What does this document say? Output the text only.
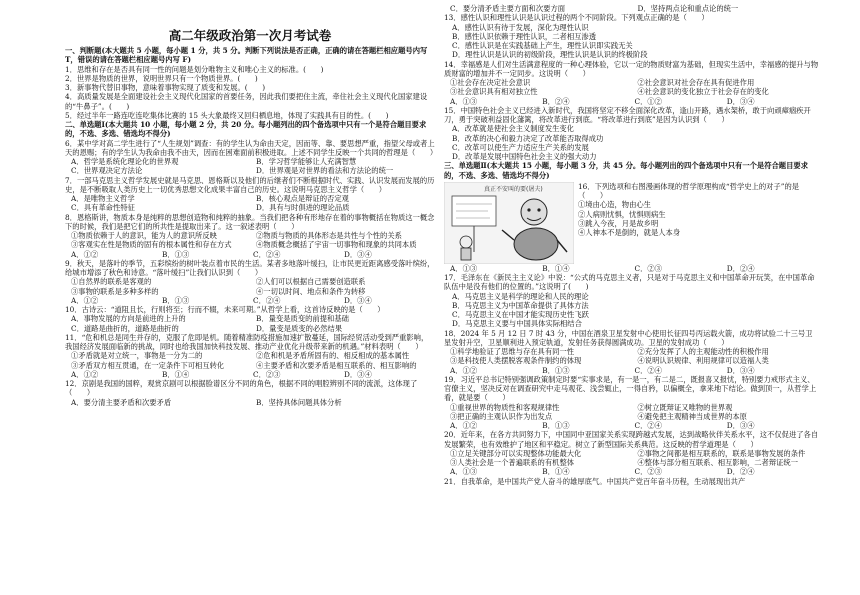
高二年级政治第一次月考试卷

一、判断题(本大题共 5 小题，每小题 1 分，共 5 分。判断下列说法是否正确，正确的请在答题栏相应题号内写 T，错误的请在答题栏相应题号内写 F)

1．思维和存在是否具有同一性的问题是划分唯物主义和唯心主义的标准。(　　)

2．世界是物质的世界，说明世界只有一个物质世界。(　　)

3．新事物代替旧事物，意味着事物实现了质变和发展。(　　)

4．高质量发展是全面建设社会主义现代化国家的首要任务，因此我们要把住主流，牵住社会主义现代化国家建设的“牛鼻子”。(　　)

5．经过半年一路连吃连吃集体比赛的 15 头大象最终又回归栖息地，体现了实践具有目的性。(　　)

二、单选题Ⅰ(本大题共 10 小题，每小题 2 分，共 20 分。每小题列出的四个备选项中只有一个是符合题目要求的，不选、多选、错选均不得分)

6．某中学对高二学生进行了“人生规划”调查：有的学生认为命由天定，因而等、靠、要思想严重，指望父母或者上天的恩赐；有的学生认为我命由我不由天，因而在困难面前积极进取。上述不同学生反映一个共同的哲理是（　　）

A．哲学是系统化理论化的世界观	B．学习哲学能够让人充满智慧
C．世界观决定方法论	D．世界观是对世界的看法和方法论的统一

7．一部马克思主义哲学发展史就是马克思、恩格斯以及他们的后继者们不断根据时代、实践、认识发展而发展的历史，是不断吸取人类历史上一切优秀思想文化成果丰富自己的历史。这说明马克思主义哲学（　　）

A．是唯物主义哲学	B．核心观点是辩证的否定观
C．具有革命性特征	D．具有与时俱进的理论品质

8．恩格斯讲，物质本身是纯粹的思想创造物和纯粹的抽象。当我们把各种有形地存在着的事物概括在物质这一概念下的时候，我们是把它们的所共性是提取出来了。这一叙述表明（　　）

①物质依赖于人的意识，能为人的意识所反映	②物质与物质的具体形态是共性与个性的关系
③客观实在性是物质的固有的根本属性和存在方式	④物质概念概括了宇宙一切事物和现象的共同本质
A．①②	B．①③	C．②④	D．③④

9．秋天，是落叶的季节，五彩缤纷的树叶装点着市民的生活。某者多地落叶缓扫，让市民更近距离感受落叶缤纷，给城市增添了秋色和诗意。“落叶缓扫”让我们认识到（　　）

①自然界的联系是客观的	②人们可以根据自己需要创造联系
③事物的联系是多种多样的	④一切以时间、地点和条件为转移
A．①②	B．①③	C．②④	D．③④

10．古诗云：“道阻且长，行则将至；行而不辍，未来可期。”从哲学上看，这首诗反映的是（　　）

A．事物发展的方向是前进的上升的	B．量变是质变的前提和基础
C．道路是曲折的，道路是曲折的	D．量变是质变的必然结果

11．“危和机总是同生并存的，克服了危即是机。随着精准防疫措施加速扩散蔓延，国际经贸活动受到严重影响，我国经济发展面临新的挑战，同时也给我国加快科技发展、推动产业优化升级带来新的机遇。”材料表明（　　）

①矛盾就是对立统一，事物是一分为二的	②危和机是矛盾所固有的、相反相成的基本属性
③矛盾双方相互贯通，在一定条件下可相互转化	④主要矛盾和次要矛盾是相互联系的、相互影响的
A．①②	B．①④	C．②③	D．③④

12．京剧是我国的国粹，观赏京剧可以根据脸谱区分不同的角色，根据不同的唱腔辨别不同的流派，这体现了（　　）

A．要分清主要矛盾和次要矛盾	B．坚持具体问题具体分析
C．要分清矛盾主要方面和次要方面	D．坚持两点论和重点论的统一

13．感性认识和理性认识是认识过程的两个不同阶段。下列观点正确的是（　　）

A．感性认识有待于发展，深化为理性认识

B．感性认识依赖于理性认识，二者相互渗透

C．感性认识是在实践基础上产生，理性认识即实践无关

D．理性认识是认识的初级阶段，理性认识是认识的终极阶段

14．幸福感是人们对生活满意程度的一种心理体验，它以一定的物质财富为基础，但现实生活中，幸福感的提升与物质财富的增加并不一定同步。这说明（　　）

①社会存在决定社会意识	②社会意识对社会存在具有促进作用
③社会意识具有相对独立性	④社会意识的变化独立于社会存在的变化
A．①③	B．②④	C．①②	D．③④

15．中国特色社会主义已经进入新时代，我国将坚定不移全面深化改革，逢山开路，遇水架桥，敢于向顽瘴痼疾开刀，勇于突破利益固化藩篱，将改革进行到底。“将改革进行到底”是因为认识到（　　）

A．改革就是使社会主义制度发生变化

B．改革的决心和毅力决定了改革能否取得成功

C．改革可以使生产力适应生产关系的发展

D．改革是发展中国特色社会主义的强大动力

三、单选题Ⅱ(本大题共 15 小题，每小题 3 分，共 45 分。每小题列出的四个备选项中只有一个是符合题目要求的，不选、多选、错选均不得分)

真正不安叫的要(屠夫)	16．下列选项和右图漫画体现的哲学原理构成“哲学史上的对子”的是（　　）

①境由心造，物由心生

②人病则忧惧，忧惧则病生

③跳入今夜，月是故乡明

④人神本不是倒的，就是人本身

A．①③	B．①④	C．②③	D．②④

17．毛泽东在《新民主主义论》中说：“公式的马克思主义者，只是对于马克思主义和中国革命开玩笑，在中国革命队伍中是没有他们的位置的。”这说明了(　　)

A．马克思主义是科学的理论和人民的理论

B．马克思主义为中国革命提供了具体方法

C．马克思主义在中国才能实现历史性飞跃

D．马克思主义要与中国具体实际相结合

18．2024 年 5 月 12 日 7 时 43 分，中国在酒泉卫星发射中心使用长征四号丙运载火箭，成功将试验二十三号卫星发射升空，卫星顺利进入预定轨道，发射任务获得圆满成功。卫星的发射成功（　　）

①科学地验证了思维与存在具有同一性	②充分发挥了人的主观能动性的积极作用
③是科技使人类摆脱客观条件制约的体现	④说明认识规律、利用规律可以造福人类
A．①②	B．①③	C．②④	D．③④

19．习近平总书记特别强调政策制定时要“实事求是，有一是一，有二是二，既报喜又报忧，特别要力戒形式主义、官僚主义，坚决反对在调查研究中走马观花、浅尝辄止，一得自矜，以偏概全，拿来地下结论。做到顶一，从哲学上看，就是要（　　）

①重视世界的物质性和客观规律性	②树立既辩证又唯物的世界观
③把正确的主观认识作为出发点	④避免把主观精神当成世界的本原
A．①②	B．①③	C．②④	D．③④

20．近年来，在各方共同努力下，中国同中亚国家关系实现跨越式发展，达到战略伙伴关系水平，这不仅促进了各自发展繁荣，也有效维护了地区和平稳定。树立了新型国际关系典范。这反映的哲学道理是（　　）

①立足关键部分可以实现整体功能最大化	②事物之间都是相互联系的，联系是事物发展的条件
③人类社会是一个普遍联系的有机整体	④整体与部分相互联系、相互影响，二者辩证统一
A．①③	B．①④	C．②③	D．②④

21．自我革命，是中国共产党人奋斗的雄厚底气。中国共产党百年奋斗历程，生动展现出共产
